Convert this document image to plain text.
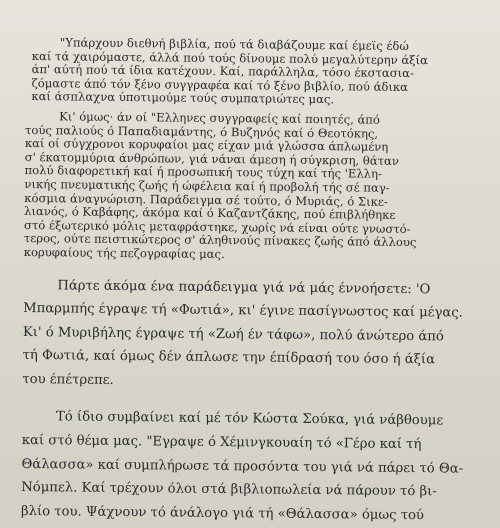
"Υπάρχουν διεθνή βιβλία, πού τά διαβάζουμε καί έμεϊς έδώ
καί τά χαιρόμαστε, άλλά πού τούς δίνουμε πολύ μεγαλύτερην άξία
άπ' αύτή πού τά ίδια κατέχουν. Καί, παράλληλα, τόσο έκστασια-
ζόμαστε άπό τόν ξένο συγγραφέα καί τό ξένο βιβλίο, πού άδικα
καί άσπλαχνα ύποτιμούμε τούς συμπατριώτες μας.
Κι' όμως· άν οί "Ελληνες συγγραφείς καί ποιητές, άπό
τούς παλιούς ό Παπαδιαμάντης, ό Βυζηνός καί ό Θεοτόκης,
καί οί σύγχρονοι κορυφαίοι μας είχαν μιά γλώσσα άπλωμένη
σ' έκατομμύρια άνθρώπων, γιά νάναι άμεση ή σύγκριση, θάταν
πολύ διαφορετική καί ή προσωπική τους τύχη καί τής 'Ελλη-
νικής πνευματικής ζωής ή ώφέλεια καί ή προβολή τής σέ παγ-
κόσμια άναγνώριση. Παράδειγμα σέ τούτο, ό Μυριάς, ό Σικε-
λιανός, ό Καβάφης, άκόμα καί ό Καζαντζάκης, πού έπιβλήθηκε
στό έξωτερικό μόλις μεταφράστηκε, χωρίς νά είναι ούτε γνωστό-
τερος, ούτε πειστικώτερος σ' άληθινούς πίνακες ζωής άπό άλλους
κορυφαίους τής πεζογραφίας μας.
Πάρτε άκόμα ένα παράδειγμα γιά νά μάς έννοήσετε: 'Ο
Μπαρμπής έγραψε τή «Φωτιά», κι' έγινε πασίγνωστος καί μέγας.
Κι' ό Μυριβήλης έγραψε τή «Ζωή έν τάφω», πολύ άνώτερο άπό
τή Φωτιά, καί όμως δέν άπλωσε την έπίδρασή του όσο ή άξία
του έπέτρεπε.
Τό ίδιο συμβαίνει καί μέ τόν Κώστα Σούκα, γιά νάβθουμε
καί στό θέμα μας. "Εγραψε ό Χέμινγκουαίη τό «Γέρο καί τή
Θάλασσα» καί συμπλήρωσε τά προσόντα του γιά νά πάρει τό Θα-
Νόμπελ. Καί τρέχουν όλοι στά βιβλιοπωλεία νά πάρουν τό βι-
βλίο του. Ψάχνουν τό άνάλογο γιά τή «Θάλασσα» όμως τού
